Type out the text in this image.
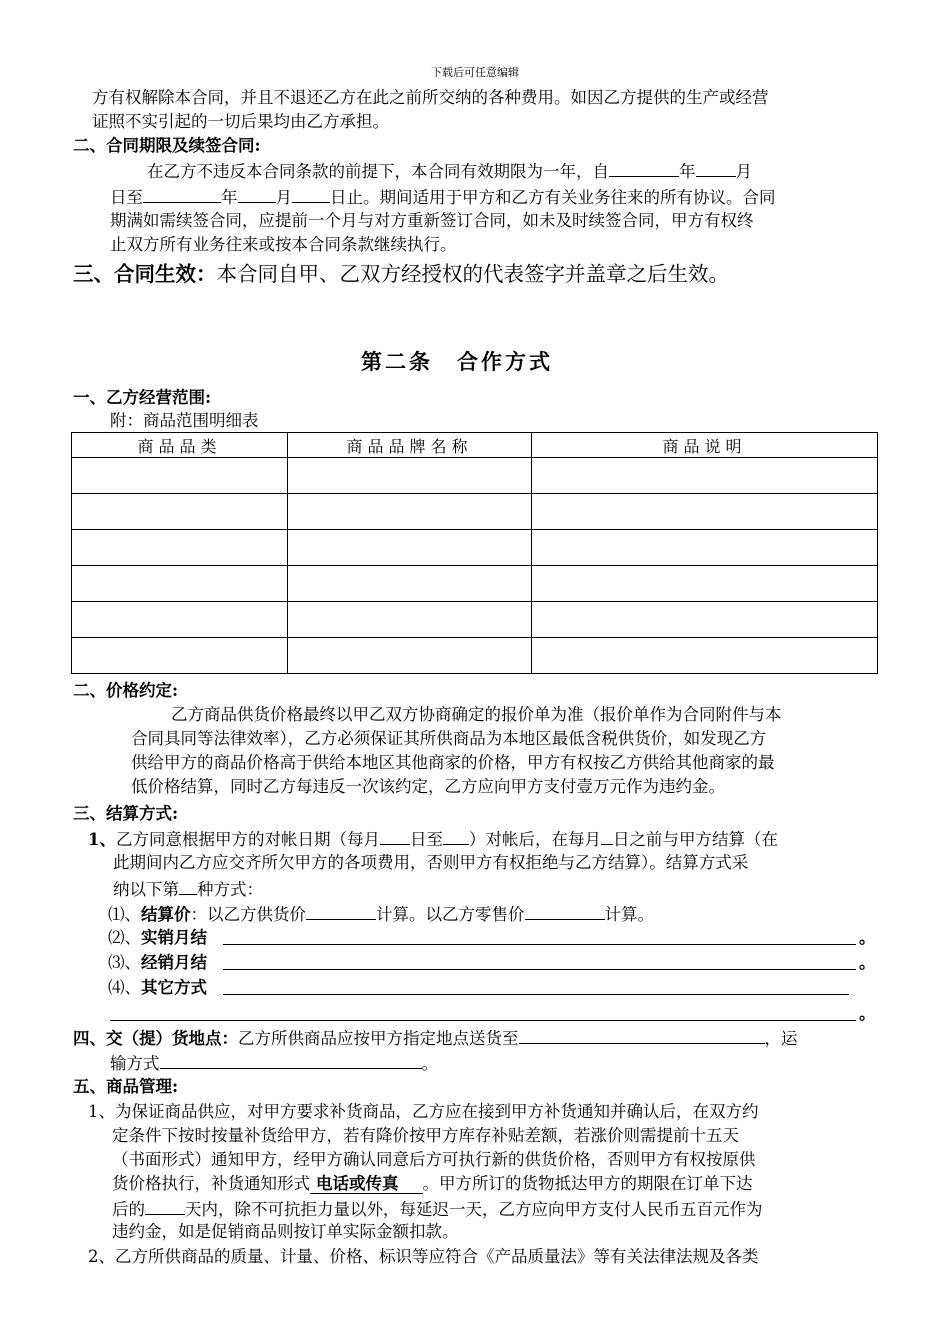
下载后可任意编辑
方有权解除本合同，并且不退还乙方在此之前所交纳的各种费用。如因乙方提供的生产或经营
证照不实引起的一切后果均由乙方承担。
二、合同期限及续签合同:
在乙方不违反本合同条款的前提下，本合同有效期限为一年，自	年 月
日至	年 月 日止。期间适用于甲方和乙方有关业务往来的所有协议。合同
期满如需续签合同，应提前一个月与对方重新签订合同，如未及时续签合同，甲方有权终
止双方所有业务往来或按本合同条款继续执行。
三、合同生效：本合同自甲、乙双方经授权的代表签字并盖章之后生效。
第二条　合作方式
一、乙方经营范围:
附：商品范围明细表
商品品类	商品品牌名称	商品说明

二、价格约定:
乙方商品供货价格最终以甲乙双方协商确定的报价单为准（报价单作为合同附件与本
合同具同等法律效率），乙方必须保证其所供商品为本地区最低含税供货价，如发现乙方
供给甲方的商品价格高于供给本地区其他商家的价格，甲方有权按乙方供给其他商家的最
低价格结算，同时乙方每违反一次该约定，乙方应向甲方支付壹万元作为违约金。
三、结算方式:
1、乙方同意根据甲方的对帐日期（每月 日至 ）对帐后，在每月 日之前与甲方结算（在
此期间内乙方应交齐所欠甲方的各项费用，否则甲方有权拒绝与乙方结算）。结算方式采
纳以下第 种方式：
⑴、结算价：以乙方供货价	计算。以乙方零售价	计算。
⑵、实销月结	。
⑶、经销月结	。
⑷、其它方式
。
四、交（提）货地点：乙方所供商品应按甲方指定地点送货至	，运
输方式	。
五、商品管理:
1、为保证商品供应，对甲方要求补货商品，乙方应在接到甲方补货通知并确认后，在双方约
定条件下按时按量补货给甲方，若有降价按甲方库存补贴差额，若涨价则需提前十五天
（书面形式）通知甲方，经甲方确认同意后方可执行新的供货价格，否则甲方有权按原供
货价格执行，补货通知形式 电话或传真 。甲方所订的货物抵达甲方的期限在订单下达
后的 天内，除不可抗拒力量以外，每延迟一天，乙方应向甲方支付人民币五百元作为
违约金，如是促销商品则按订单实际金额扣款。
2、乙方所供商品的质量、计量、价格、标识等应符合《产品质量法》等有关法律法规及各类
